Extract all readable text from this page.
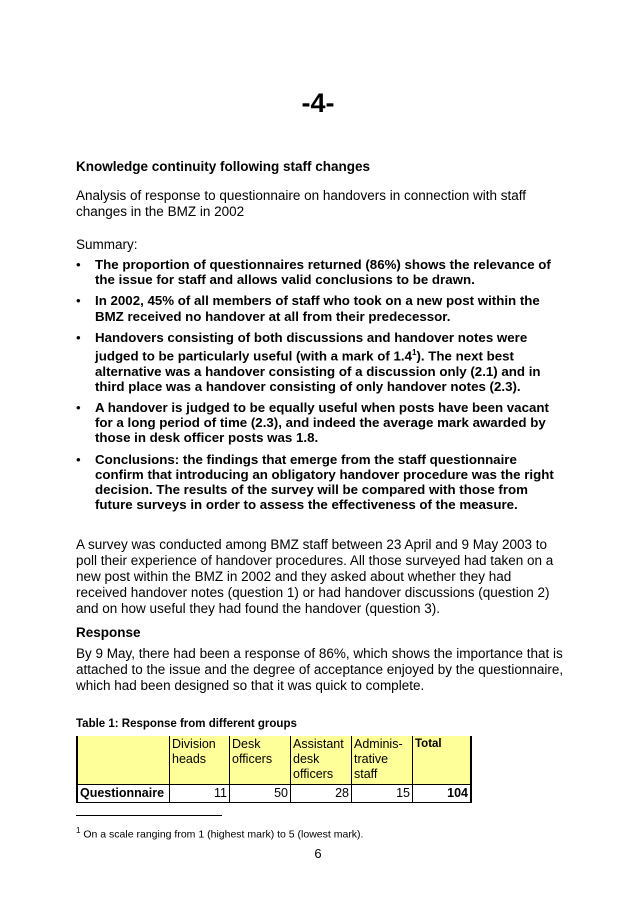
-4-
Knowledge continuity following staff changes
Analysis of response to questionnaire on handovers in connection with staff changes in the BMZ in 2002
Summary:
• The proportion of questionnaires returned (86%) shows the relevance of the issue for staff and allows valid conclusions to be drawn.
• In 2002, 45% of all members of staff who took on a new post within the BMZ received no handover at all from their predecessor.
• Handovers consisting of both discussions and handover notes were judged to be particularly useful (with a mark of $1.4^1$). The next best alternative was a handover consisting of a discussion only (2.1) and in third place was a handover consisting of only handover notes (2.3).
• A handover is judged to be equally useful when posts have been vacant for a long period of time (2.3), and indeed the average mark awarded by those in desk officer posts was 1.8.
• Conclusions: the findings that emerge from the staff questionnaire confirm that introducing an obligatory handover procedure was the right decision. The results of the survey will be compared with those from future surveys in order to assess the effectiveness of the measure.

A survey was conducted among BMZ staff between 23 April and 9 May 2003 to poll their experience of handover procedures. All those surveyed had taken on a new post within the BMZ in 2002 and they asked about whether they had received handover notes (question 1) or had handover discussions (question 2) and on how useful they had found the handover (question 3).

Response

By 9 May, there had been a response of 86%, which shows the importance that is attached to the issue and the degree of acceptance enjoyed by the questionnaire, which had been designed so that it was quick to complete.

Table 1: Response from different groups
	Division heads	Desk officers	Assistant desk officers	Adminis-trative staff	Total
Questionnaire	11	50	28	15	104
$^1$ On a scale ranging from 1 (highest mark) to 5 (lowest mark).
6
